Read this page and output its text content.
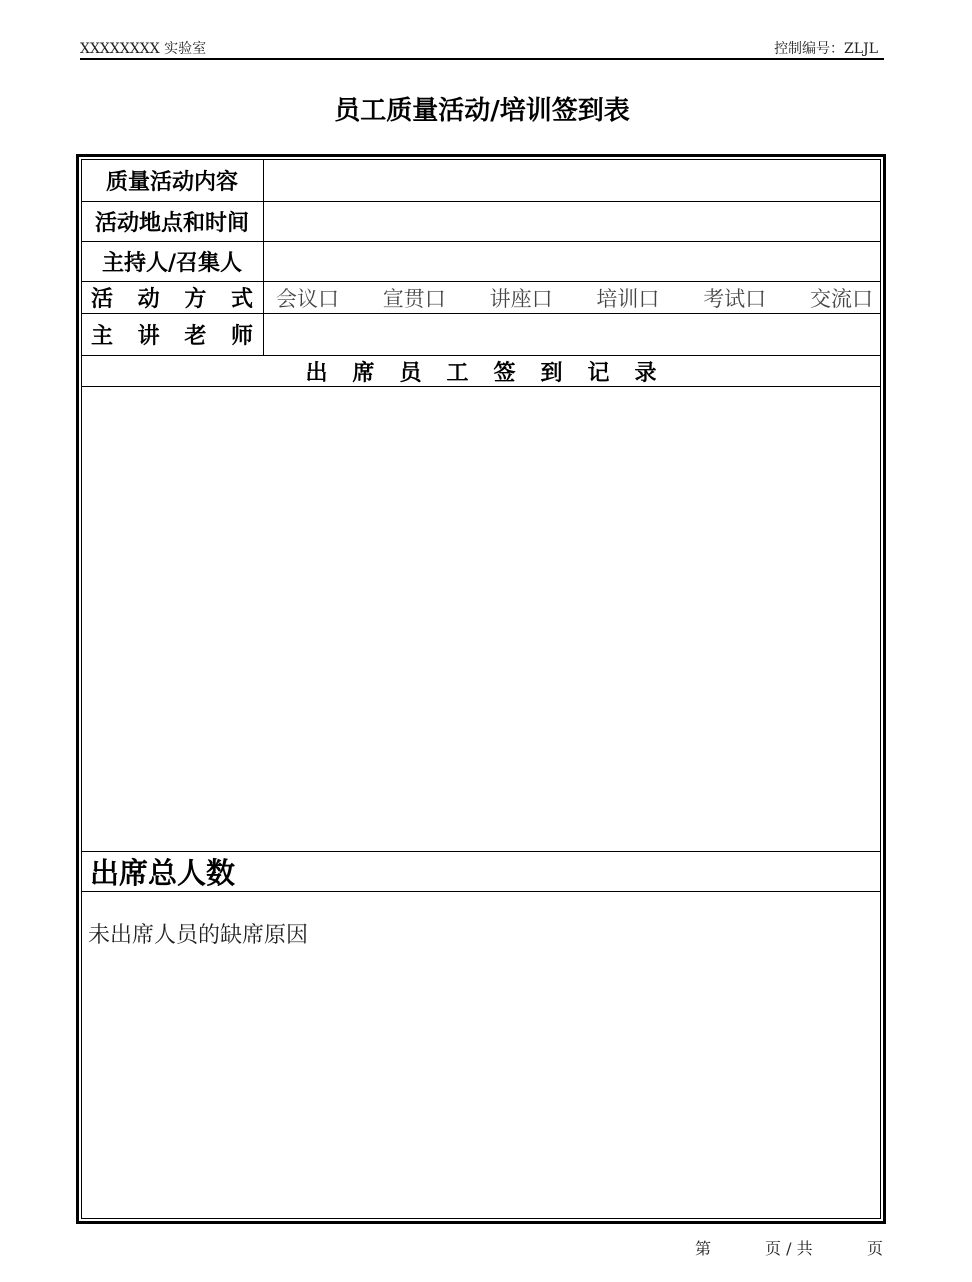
XXXXXXXX 实验室	控制编号：ZLJL
员工质量活动/培训签到表
质量活动内容
活动地点和时间
主持人/召集人
活 动 方 式 会议口 宣贯口 讲座口 培训口 考试口 交流口
主 讲 老 师
出	席	员	工	签	到	记	录
出席总人数
未出席人员的缺席原因
第	页 / 共	页
